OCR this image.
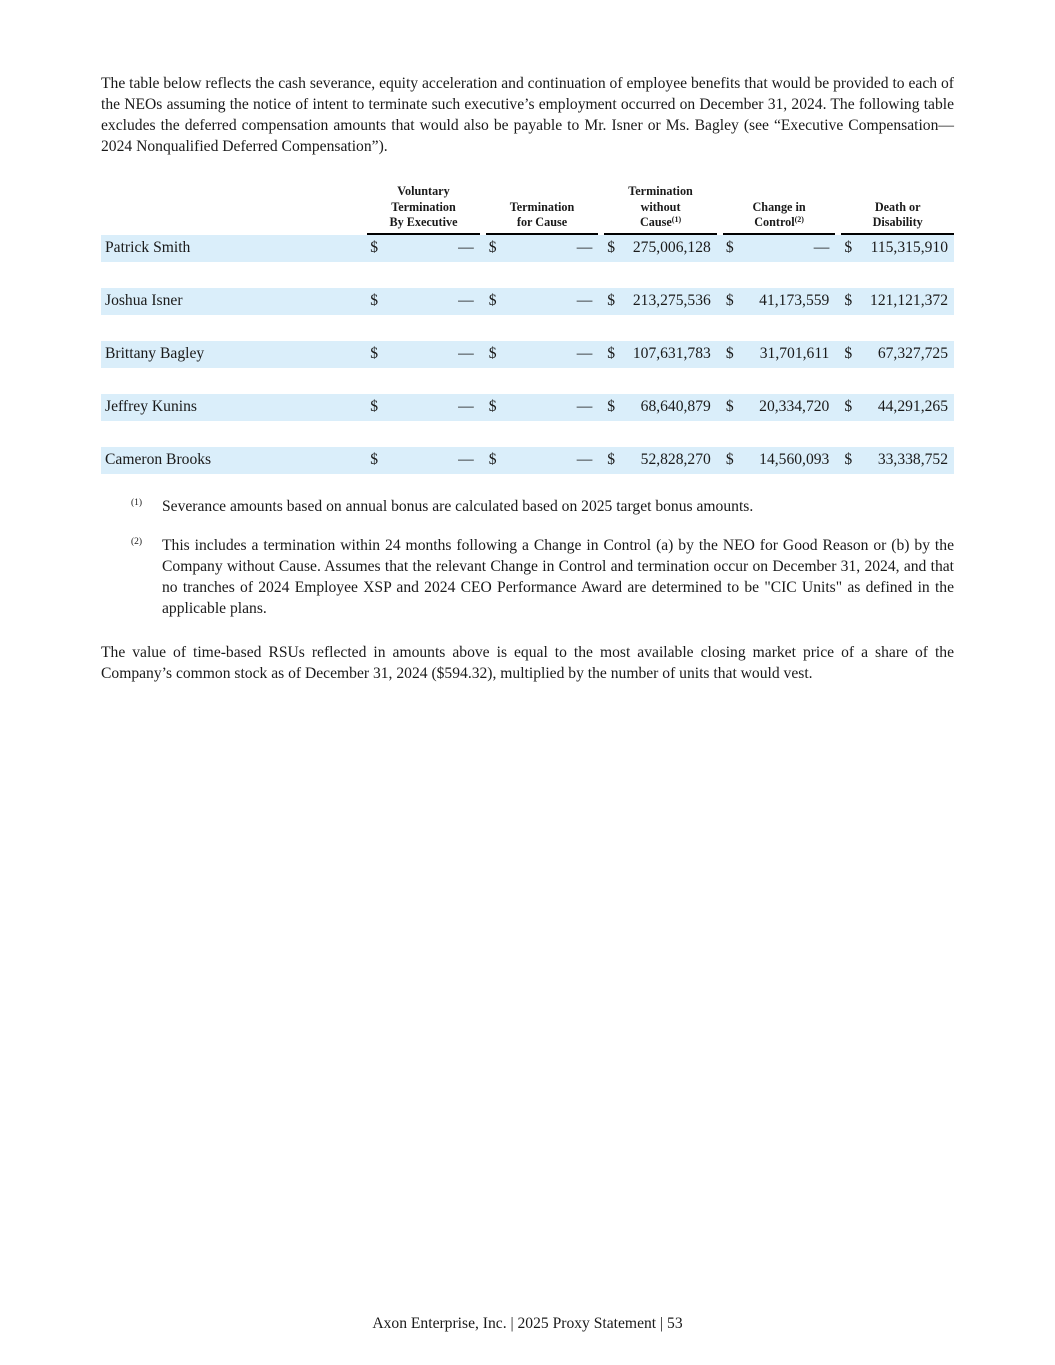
The table below reflects the cash severance, equity acceleration and continuation of employee benefits that would be provided to each of the NEOs assuming the notice of intent to terminate such executive’s employment occurred on December 31, 2024. The following table excludes the deferred compensation amounts that would also be payable to Mr. Isner or Ms. Bagley (see “Executive Compensation—2024 Nonqualified Deferred Compensation”).

	Voluntary
Termination
By Executive		Termination
for Cause		Termination
without
Cause$^{(1)}$		Change in
Control$^{(2)}$		Death or
Disability
Patrick Smith	$ —		$ —		$ 275,006,128		$ —		$ 115,315,910

Joshua Isner	$ —		$ —		$ 213,275,536		$ 41,173,559		$ 121,121,372

Brittany Bagley	$ —		$ —		$ 107,631,783		$ 31,701,611		$ 67,327,725

Jeffrey Kunins	$ —		$ —		$ 68,640,879		$ 20,334,720		$ 44,291,265

Cameron Brooks	$ —		$ —		$ 52,828,270		$ 14,560,093		$ 33,338,752
(1)	Severance amounts based on annual bonus are calculated based on 2025 target bonus amounts.
(2)	This includes a termination within 24 months following a Change in Control (a) by the NEO for Good Reason or (b) by the Company without Cause. Assumes that the relevant Change in Control and termination occur on December 31, 2024, and that no tranches of 2024 Employee XSP and 2024 CEO Performance Award are determined to be "CIC Units" as defined in the applicable plans.

The value of time-based RSUs reflected in amounts above is equal to the most available closing market price of a share of the Company’s common stock as of December 31, 2024 ($594.32), multiplied by the number of units that would vest.

Axon Enterprise, Inc. | 2025 Proxy Statement | 53
